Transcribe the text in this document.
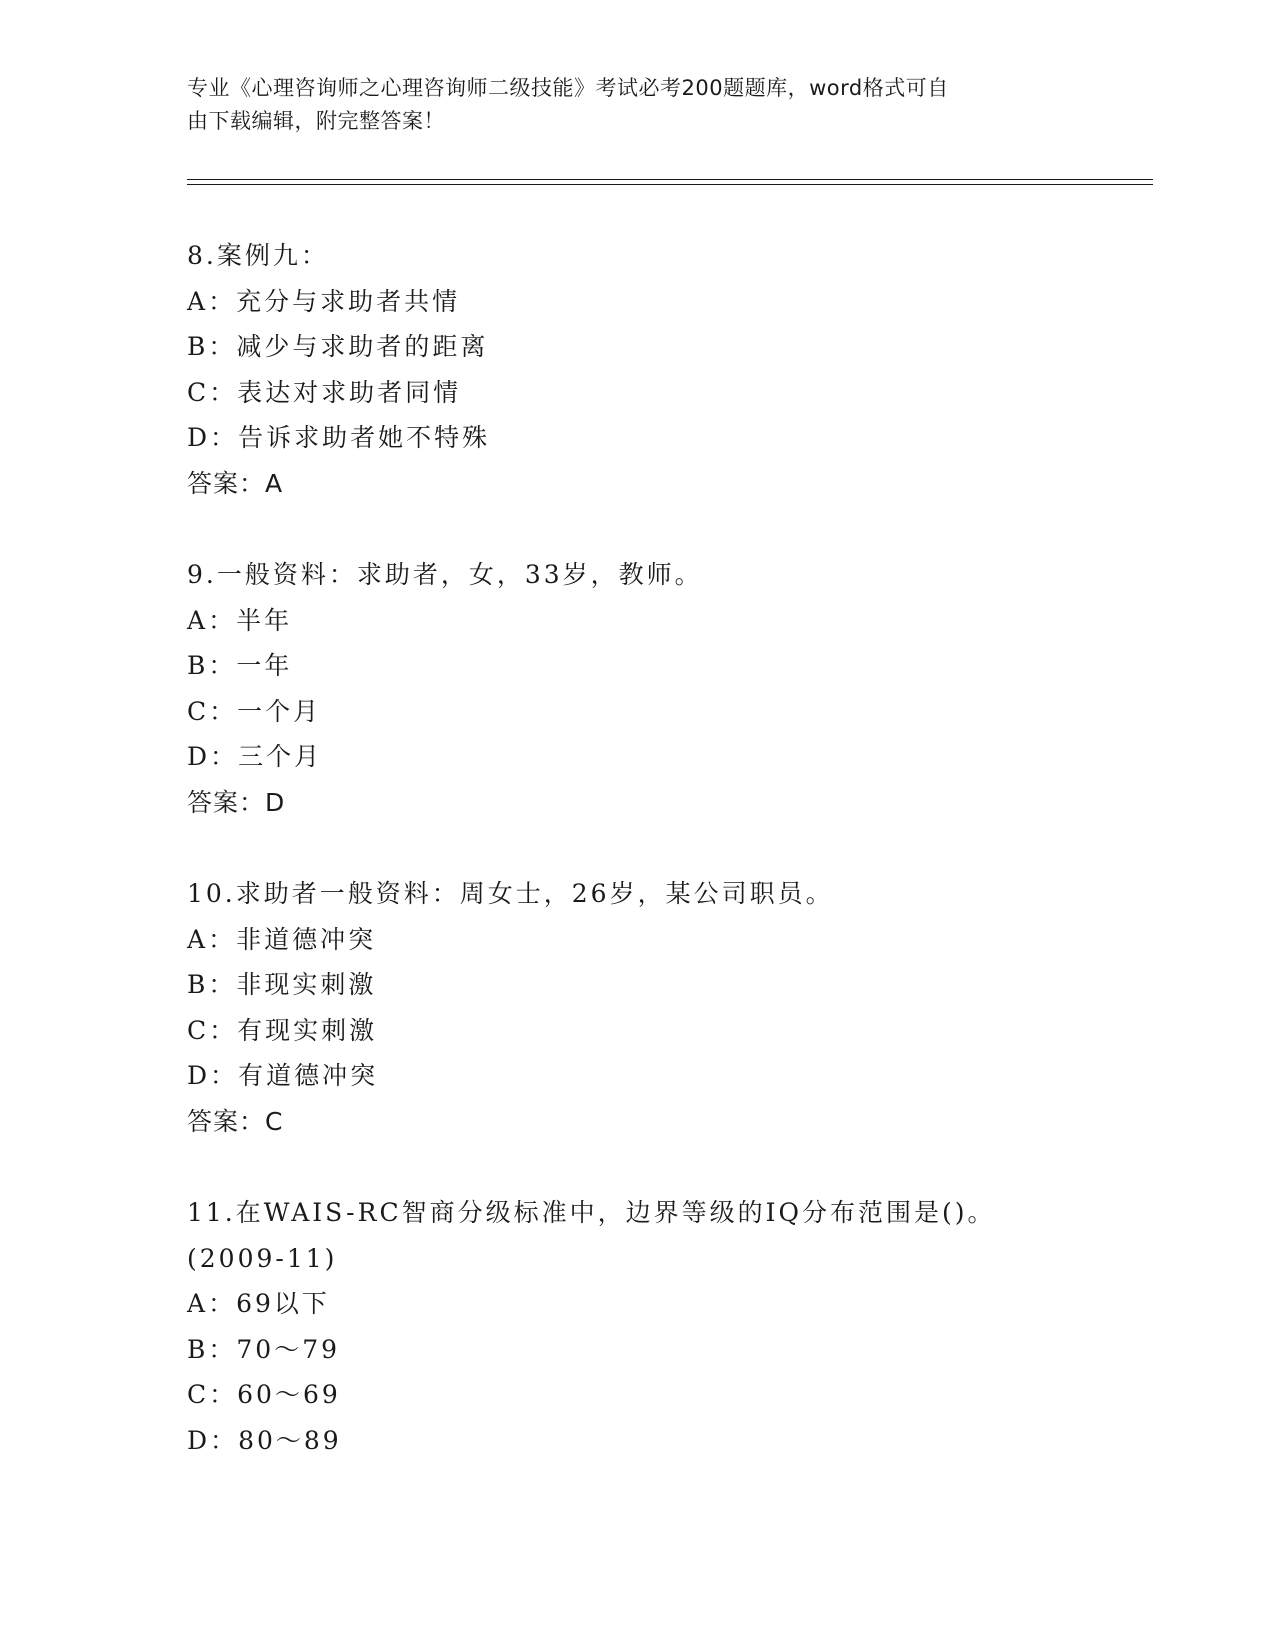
专业《心理咨询师之心理咨询师二级技能》考试必考200题题库，word格式可自
由下载编辑，附完整答案！
8.案例九：
A：充分与求助者共情
B：减少与求助者的距离
C：表达对求助者同情
D：告诉求助者她不特殊
答案：A
9.一般资料：求助者，女，33岁，教师。
A：半年
B：一年
C：一个月
D：三个月
答案：D
10.求助者一般资料：周女士，26岁，某公司职员。
A：非道德冲突
B：非现实刺激
C：有现实刺激
D：有道德冲突
答案：C
11.在WAIS-RC智商分级标准中，边界等级的IQ分布范围是()。
(2009-11)
A：69以下
B：70～79
C：60～69
D：80～89
